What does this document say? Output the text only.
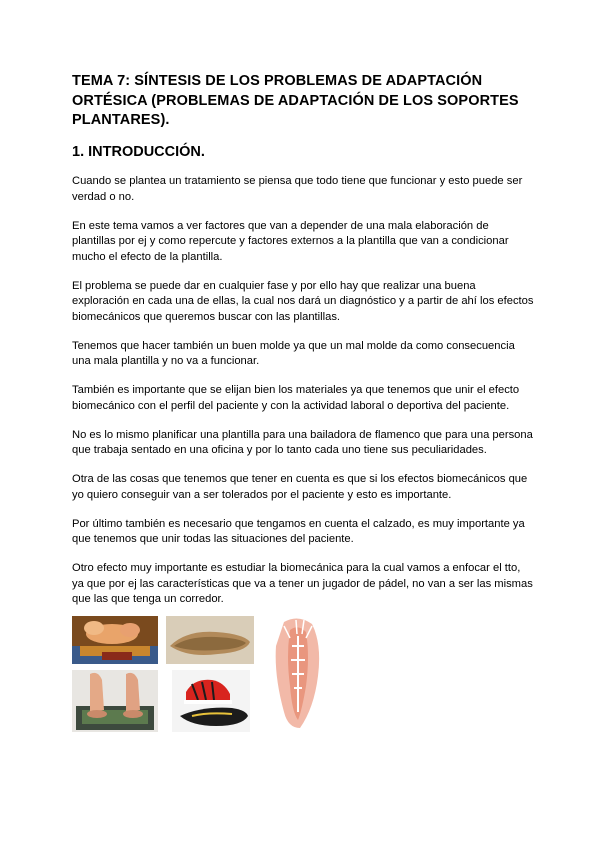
TEMA 7: SÍNTESIS DE LOS PROBLEMAS DE ADAPTACIÓN ORTÉSICA (PROBLEMAS DE ADAPTACIÓN DE LOS SOPORTES PLANTARES).
1. INTRODUCCIÓN.

Cuando se plantea un tratamiento se piensa que todo tiene que funcionar y esto puede ser verdad o no.

En este tema vamos a ver factores que van a depender de una mala elaboración de plantillas por ej y como repercute y factores externos a la plantilla que van a condicionar mucho el efecto de la plantilla.

El problema se puede dar en cualquier fase y por ello hay que realizar una buena exploración en cada una de ellas, la cual nos dará un diagnóstico y a partir de ahí los efectos biomecánicos que queremos buscar con las plantillas.

Tenemos que hacer también un buen molde ya que un mal molde da como consecuencia una mala plantilla y no va a funcionar.

También es importante que se elijan bien los materiales ya que tenemos que unir el efecto biomecánico con el perfil del paciente y con la actividad laboral o deportiva del paciente.

No es lo mismo planificar una plantilla para una bailadora de flamenco que para una persona que trabaja sentado en una oficina y por lo tanto cada uno tiene sus peculiaridades.

Otra de las cosas que tenemos que tener en cuenta es que si los efectos biomecánicos que yo quiero conseguir van a ser tolerados por el paciente y esto es importante.

Por último también es necesario que tengamos en cuenta el calzado, es muy importante ya que tenemos que unir todas las situaciones del paciente.

Otro efecto muy importante es estudiar la biomecánica para la cual vamos a enfocar el tto, ya que por ej las características que va a tener un jugador de pádel, no van a ser las mismas que las que tenga un corredor.
